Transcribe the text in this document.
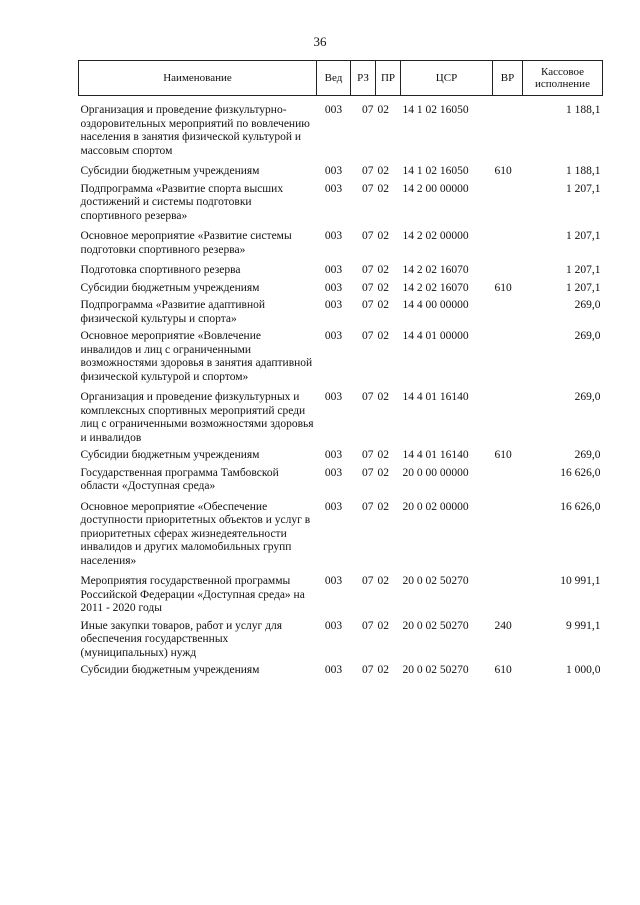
36
Наименование	Вед	РЗ	ПР	ЦСР	ВР	Кассовое исполнение
Организация и проведение физкультурно-оздоровительных мероприятий по вовлечению населения в занятия физической культурой и массовым спортом	003	07	02	14 1 02 16050		1 188,1
Субсидии бюджетным учреждениям	003	07	02	14 1 02 16050	610	1 188,1
Подпрограмма «Развитие спорта высших достижений и системы подготовки спортивного резерва»	003	07	02	14 2 00 00000		1 207,1
Основное мероприятие «Развитие системы подготовки спортивного резерва»	003	07	02	14 2 02 00000		1 207,1
Подготовка спортивного резерва	003	07	02	14 2 02 16070		1 207,1
Субсидии бюджетным учреждениям	003	07	02	14 2 02 16070	610	1 207,1
Подпрограмма «Развитие адаптивной физической культуры и спорта»	003	07	02	14 4 00 00000		269,0
Основное мероприятие «Вовлечение инвалидов и лиц с ограниченными возможностями здоровья в занятия адаптивной физической культурой и спортом»	003	07	02	14 4 01 00000		269,0
Организация и проведение физкультурных и комплексных спортивных мероприятий среди лиц с ограниченными возможностями здоровья и инвалидов	003	07	02	14 4 01 16140		269,0
Субсидии бюджетным учреждениям	003	07	02	14 4 01 16140	610	269,0
Государственная программа Тамбовской области «Доступная среда»	003	07	02	20 0 00 00000		16 626,0
Основное мероприятие «Обеспечение доступности приоритетных объектов и услуг в приоритетных сферах жизнедеятельности инвалидов и других маломобильных групп населения»	003	07	02	20 0 02 00000		16 626,0
Мероприятия государственной программы Российской Федерации «Доступная среда» на 2011 - 2020 годы	003	07	02	20 0 02 50270		10 991,1
Иные закупки товаров, работ и услуг для обеспечения государственных (муниципальных) нужд	003	07	02	20 0 02 50270	240	9 991,1
Субсидии бюджетным учреждениям	003	07	02	20 0 02 50270	610	1 000,0
